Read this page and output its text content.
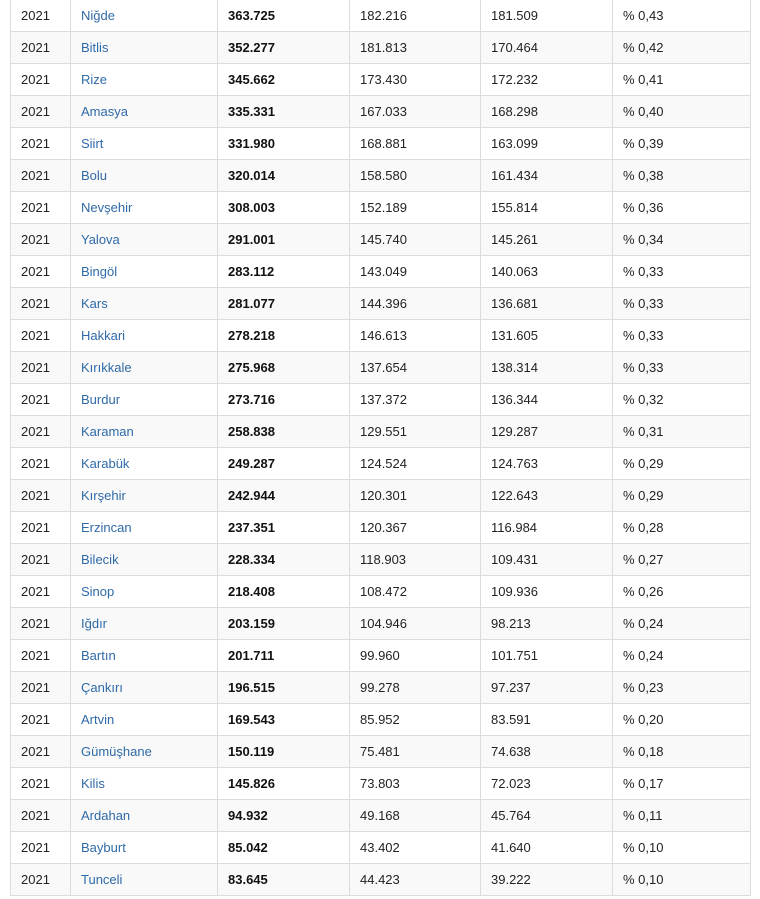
2021	Niğde	363.725	182.216	181.509	% 0,43
2021	Bitlis	352.277	181.813	170.464	% 0,42
2021	Rize	345.662	173.430	172.232	% 0,41
2021	Amasya	335.331	167.033	168.298	% 0,40
2021	Siirt	331.980	168.881	163.099	% 0,39
2021	Bolu	320.014	158.580	161.434	% 0,38
2021	Nevşehir	308.003	152.189	155.814	% 0,36
2021	Yalova	291.001	145.740	145.261	% 0,34
2021	Bingöl	283.112	143.049	140.063	% 0,33
2021	Kars	281.077	144.396	136.681	% 0,33
2021	Hakkari	278.218	146.613	131.605	% 0,33
2021	Kırıkkale	275.968	137.654	138.314	% 0,33
2021	Burdur	273.716	137.372	136.344	% 0,32
2021	Karaman	258.838	129.551	129.287	% 0,31
2021	Karabük	249.287	124.524	124.763	% 0,29
2021	Kırşehir	242.944	120.301	122.643	% 0,29
2021	Erzincan	237.351	120.367	116.984	% 0,28
2021	Bilecik	228.334	118.903	109.431	% 0,27
2021	Sinop	218.408	108.472	109.936	% 0,26
2021	Iğdır	203.159	104.946	98.213	% 0,24
2021	Bartın	201.711	99.960	101.751	% 0,24
2021	Çankırı	196.515	99.278	97.237	% 0,23
2021	Artvin	169.543	85.952	83.591	% 0,20
2021	Gümüşhane	150.119	75.481	74.638	% 0,18
2021	Kilis	145.826	73.803	72.023	% 0,17
2021	Ardahan	94.932	49.168	45.764	% 0,11
2021	Bayburt	85.042	43.402	41.640	% 0,10
2021	Tunceli	83.645	44.423	39.222	% 0,10
